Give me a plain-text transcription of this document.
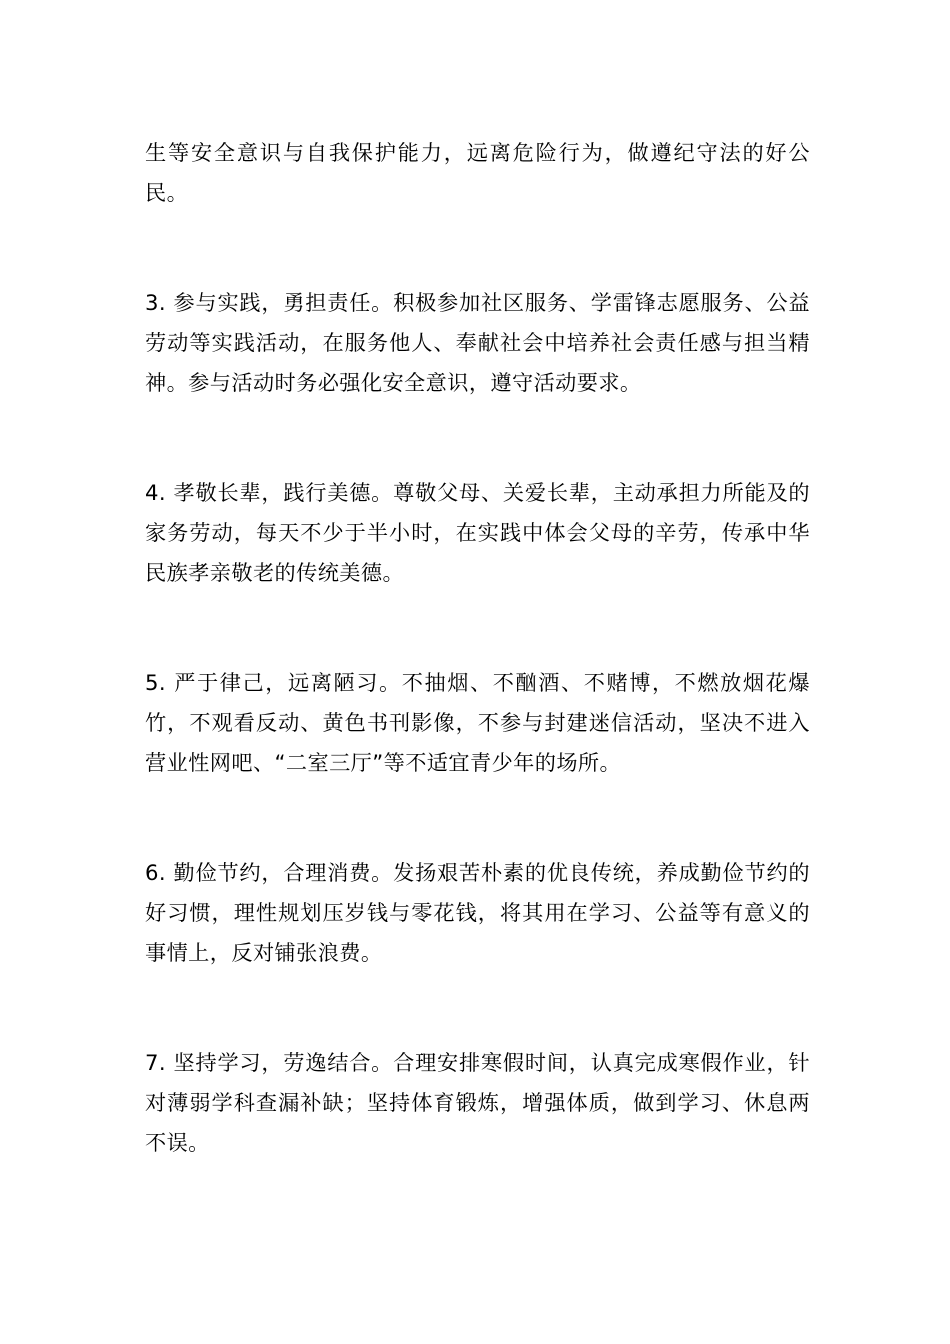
生等安全意识与自我保护能力，远离危险行为，做遵纪守法的好公民。

3. 参与实践，勇担责任。积极参加社区服务、学雷锋志愿服务、公益劳动等实践活动，在服务他人、奉献社会中培养社会责任感与担当精神。参与活动时务必强化安全意识，遵守活动要求。

4. 孝敬长辈，践行美德。尊敬父母、关爱长辈，主动承担力所能及的家务劳动，每天不少于半小时，在实践中体会父母的辛劳，传承中华民族孝亲敬老的传统美德。

5. 严于律己，远离陋习。不抽烟、不酗酒、不赌博，不燃放烟花爆竹，不观看反动、黄色书刊影像，不参与封建迷信活动，坚决不进入营业性网吧、“二室三厅”等不适宜青少年的场所。

6. 勤俭节约，合理消费。发扬艰苦朴素的优良传统，养成勤俭节约的好习惯，理性规划压岁钱与零花钱，将其用在学习、公益等有意义的事情上，反对铺张浪费。

7. 坚持学习，劳逸结合。合理安排寒假时间，认真完成寒假作业，针对薄弱学科查漏补缺；坚持体育锻炼，增强体质，做到学习、休息两不误。
